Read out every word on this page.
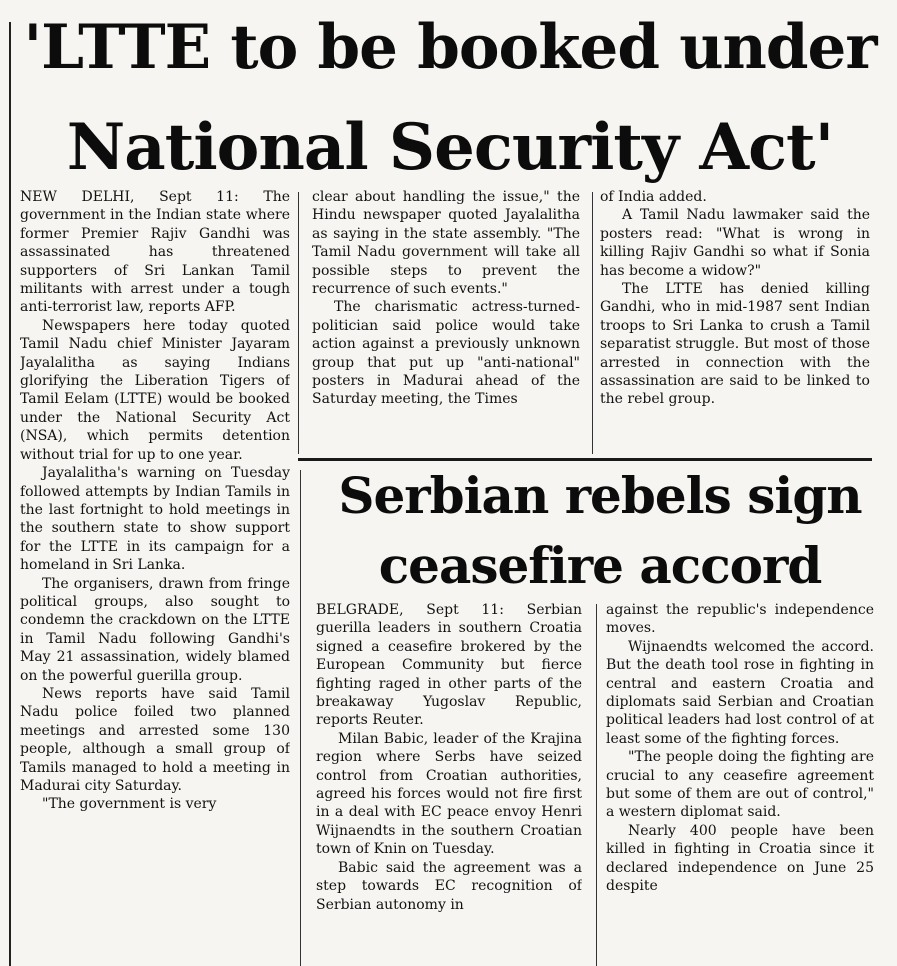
'LTTE to be booked under
National Security Act'

NEW DELHI, Sept 11: The government in the Indian state where former Premier Rajiv Gandhi was assassinated has threatened supporters of Sri Lankan Tamil militants with arrest under a tough anti-terrorist law, reports AFP.

Newspapers here today quoted Tamil Nadu chief Minister Jayaram Jayalalitha as saying Indians glorifying the Liberation Tigers of Tamil Eelam (LTTE) would be booked under the National Security Act (NSA), which permits detention without trial for up to one year.

Jayalalitha's warning on Tuesday followed attempts by Indian Tamils in the last fortnight to hold meetings in the southern state to show support for the LTTE in its campaign for a homeland in Sri Lanka.

The organisers, drawn from fringe political groups, also sought to condemn the crackdown on the LTTE in Tamil Nadu following Gandhi's May 21 assassination, widely blamed on the powerful guerilla group.

News reports have said Tamil Nadu police foiled two planned meetings and arrested some 130 people, although a small group of Tamils managed to hold a meeting in Madurai city Saturday.

"The government is very

clear about handling the issue," the Hindu newspaper quoted Jayalalitha as saying in the state assembly. "The Tamil Nadu government will take all possible steps to prevent the recurrence of such events."

The charismatic actress-turned-politician said police would take action against a previously unknown group that put up "anti-national" posters in Madurai ahead of the Saturday meeting, the Times

of India added.

A Tamil Nadu lawmaker said the posters read: "What is wrong in killing Rajiv Gandhi so what if Sonia has become a widow?"

The LTTE has denied killing Gandhi, who in mid-1987 sent Indian troops to Sri Lanka to crush a Tamil separatist struggle. But most of those arrested in connection with the assassination are said to be linked to the rebel group.

Serbian rebels sign
ceasefire accord

BELGRADE, Sept 11: Serbian guerilla leaders in southern Croatia signed a ceasefire brokered by the European Community but fierce fighting raged in other parts of the breakaway Yugoslav Republic, reports Reuter.

Milan Babic, leader of the Krajina region where Serbs have seized control from Croatian authorities, agreed his forces would not fire first in a deal with EC peace envoy Henri Wijnaendts in the southern Croatian town of Knin on Tuesday.

Babic said the agreement was a step towards EC recognition of Serbian autonomy in

against the republic's independence moves.

Wijnaendts welcomed the accord. But the death tool rose in fighting in central and eastern Croatia and diplomats said Serbian and Croatian political leaders had lost control of at least some of the fighting forces.

"The people doing the fighting are crucial to any ceasefire agreement but some of them are out of control," a western diplomat said.

Nearly 400 people have been killed in fighting in Croatia since it declared independence on June 25 despite
